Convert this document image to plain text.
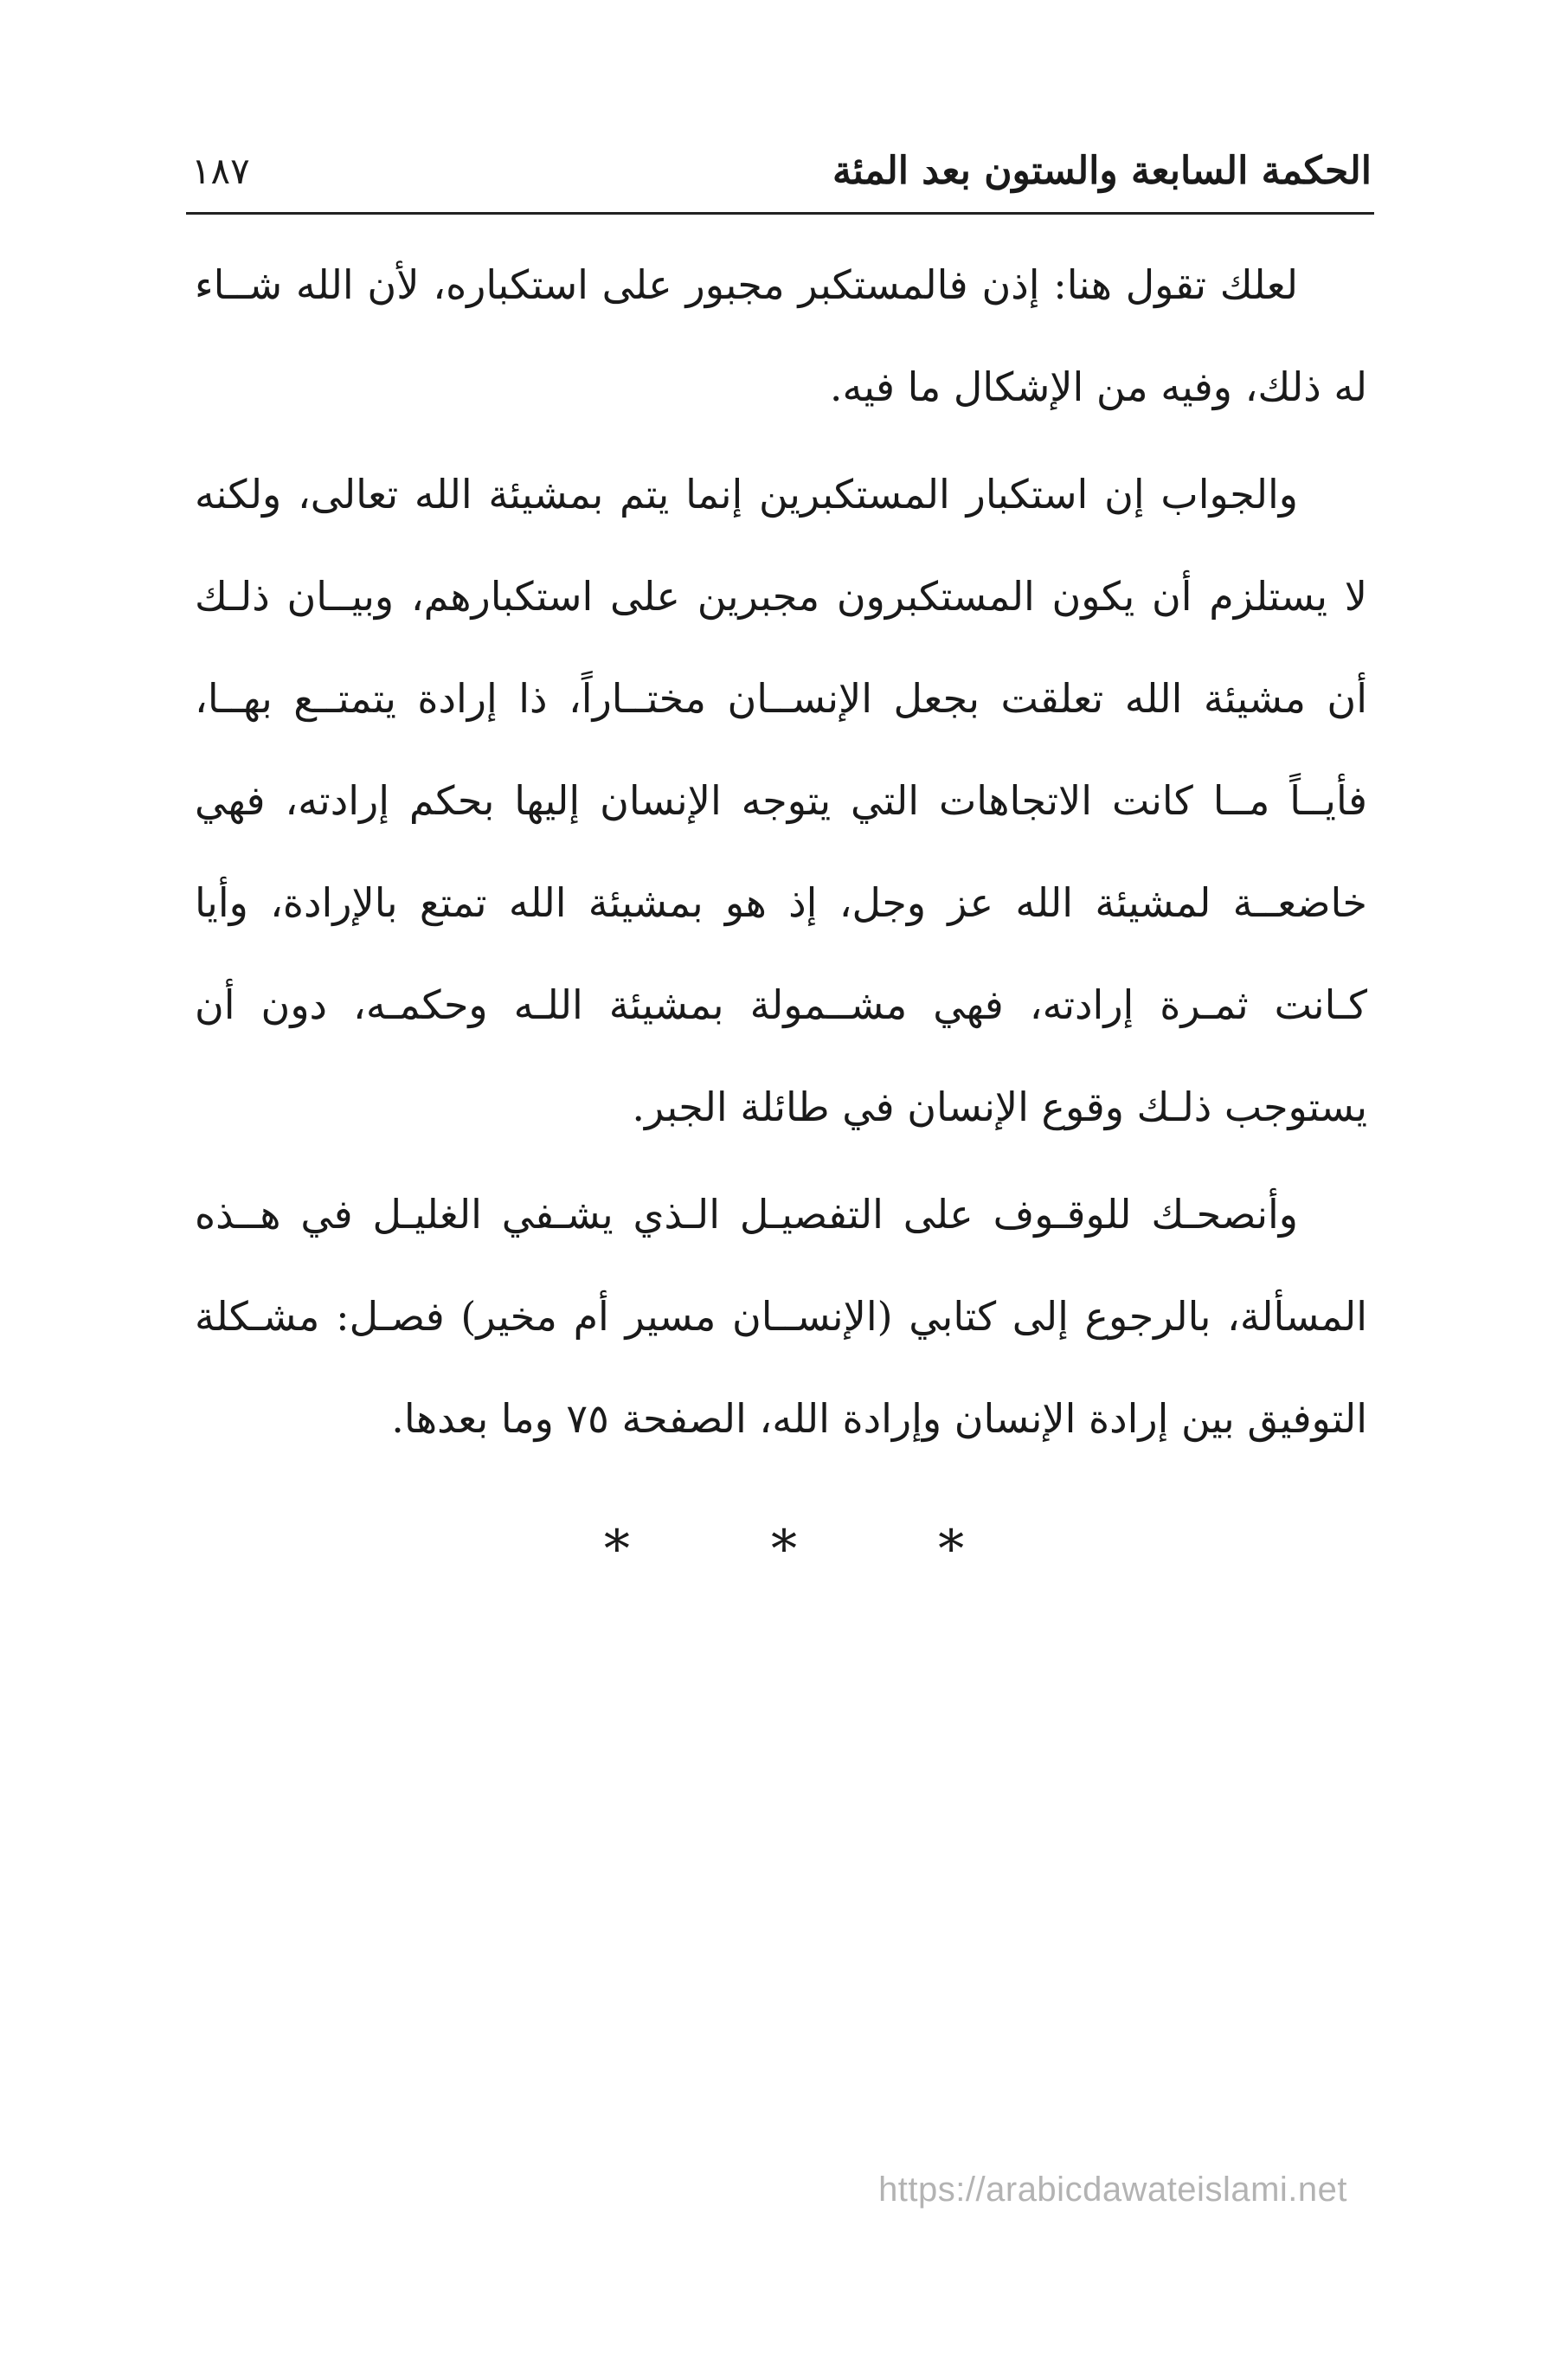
الحكمة السابعة والستون بعد المئة
١٨٧

لعلك تقول هنا: إذن فالمستكبر مجبور على استكباره، لأن الله شــاء له ذلك، وفيه من الإشكال ما فيه.

والجواب إن استكبار المستكبرين إنما يتم بمشيئة الله تعالى، ولكنه لا يستلزم أن يكون المستكبرون مجبرين على استكبارهم، وبيــان ذلـك أن مشيئة الله تعلقت بجعل الإنســان مختــاراً، ذا إرادة يتمتــع بهــا، فأيــاً مــا كانت الاتجاهات التي يتوجه الإنسان إليها بحكم إرادته، فهي خاضعــة لمشيئة الله عز وجل، إذ هو بمشيئة الله تمتع بالإرادة، وأيا كـانت ثمـرة إرادته، فهي مشــمولة بمشيئة اللـه وحكمـه، دون أن يستوجب ذلـك وقوع الإنسان في طائلة الجبر.

وأنصحـك للوقـوف على التفصيـل الـذي يشـفي الغليـل في هــذه المسألة، بالرجوع إلى كتابي (الإنســان مسير أم مخير) فصـل: مشـكلة التوفيق بين إرادة الإنسان وإرادة الله، الصفحة ٧٥ وما بعدها.

*	*	*
https://arabicdawateislami.net
